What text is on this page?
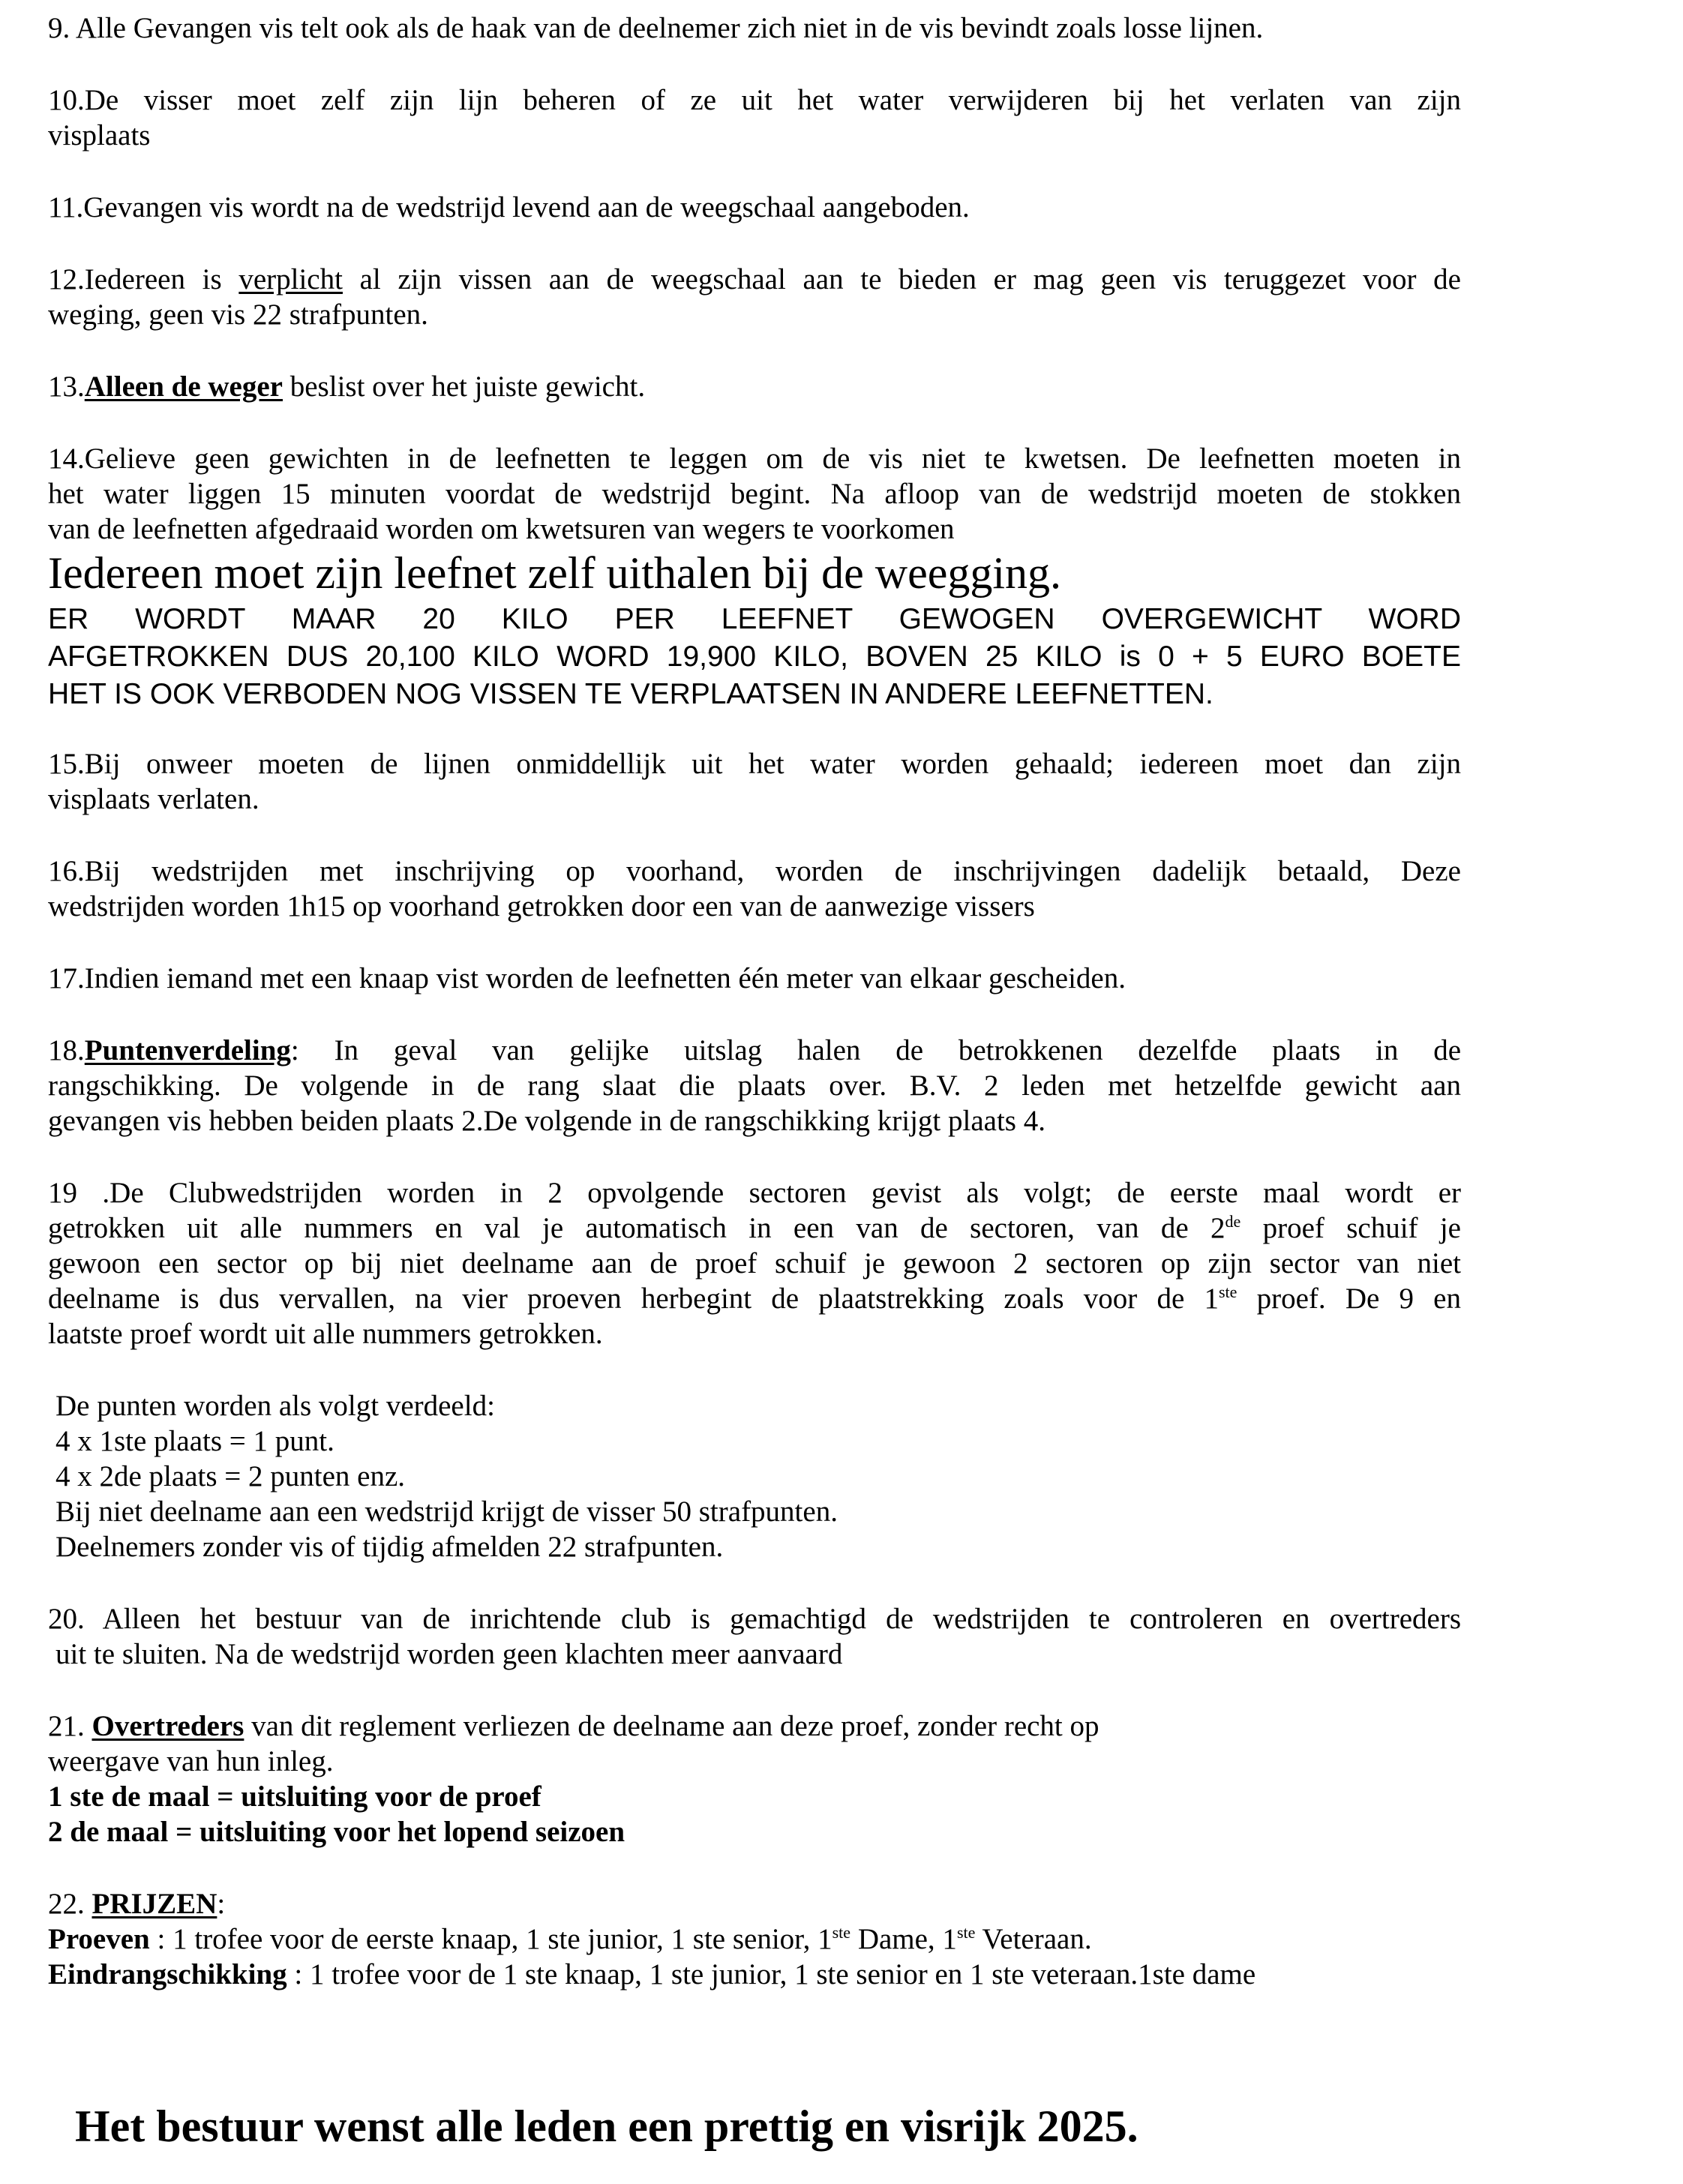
9. Alle Gevangen vis telt ook als de haak van de deelnemer zich niet in de vis bevindt zoals losse lijnen.
10.De visser moet zelf zijn lijn beheren of ze uit het water verwijderen bij het verlaten van zijn
visplaats
11.Gevangen vis wordt na de wedstrijd levend aan de weegschaal aangeboden.
12.Iedereen is verplicht al zijn vissen aan de weegschaal aan te bieden er mag geen vis teruggezet voor de
weging, geen vis 22 strafpunten.
13.Alleen de weger beslist over het juiste gewicht.
14.Gelieve geen gewichten in de leefnetten te leggen om de vis niet te kwetsen. De leefnetten moeten in
het water liggen 15 minuten voordat de wedstrijd begint. Na afloop van de wedstrijd moeten de stokken
van de leefnetten afgedraaid worden om kwetsuren van wegers te voorkomen
Iedereen moet zijn leefnet zelf uithalen bij de weegging.
ER WORDT MAAR 20 KILO PER LEEFNET GEWOGEN OVERGEWICHT WORD
AFGETROKKEN DUS 20,100 KILO WORD 19,900 KILO, BOVEN 25 KILO is 0 + 5 EURO BOETE
HET IS OOK VERBODEN NOG VISSEN TE VERPLAATSEN IN ANDERE LEEFNETTEN.
15.Bij onweer moeten de lijnen onmiddellijk uit het water worden gehaald; iedereen moet dan zijn
visplaats verlaten.
16.Bij wedstrijden met inschrijving op voorhand, worden de inschrijvingen dadelijk betaald, Deze
wedstrijden worden 1h15 op voorhand getrokken door een van de aanwezige vissers
17.Indien iemand met een knaap vist worden de leefnetten één meter van elkaar gescheiden.
18.Puntenverdeling: In geval van gelijke uitslag halen de betrokkenen dezelfde plaats in de
rangschikking. De volgende in de rang slaat die plaats over. B.V. 2 leden met hetzelfde gewicht aan
gevangen vis hebben beiden plaats 2.De volgende in de rangschikking krijgt plaats 4.
19 .De Clubwedstrijden worden in 2 opvolgende sectoren gevist als volgt; de eerste maal wordt er
getrokken uit alle nummers en val je automatisch in een van de sectoren, van de 2de proef schuif je
gewoon een sector op bij niet deelname aan de proef schuif je gewoon 2 sectoren op zijn sector van niet
deelname is dus vervallen, na vier proeven herbegint de plaatstrekking zoals voor de 1ste proef. De 9 en
laatste proef wordt uit alle nummers getrokken.
De punten worden als volgt verdeeld:
4 x 1ste plaats = 1 punt.
4 x 2de plaats = 2 punten enz.
Bij niet deelname aan een wedstrijd krijgt de visser 50 strafpunten.
Deelnemers zonder vis of tijdig afmelden 22 strafpunten.
20. Alleen het bestuur van de inrichtende club is gemachtigd de wedstrijden te controleren en overtreders
uit te sluiten. Na de wedstrijd worden geen klachten meer aanvaard
21. Overtreders van dit reglement verliezen de deelname aan deze proef, zonder recht op
weergave van hun inleg.
1 ste de maal = uitsluiting voor de proef
2 de maal = uitsluiting voor het lopend seizoen
22. PRIJZEN:
Proeven : 1 trofee voor de eerste knaap, 1 ste junior, 1 ste senior, 1ste Dame, 1ste Veteraan.
Eindrangschikking : 1 trofee voor de 1 ste knaap, 1 ste junior, 1 ste senior en 1 ste veteraan.1ste dame
Het bestuur wenst alle leden een prettig en visrijk 2025.
